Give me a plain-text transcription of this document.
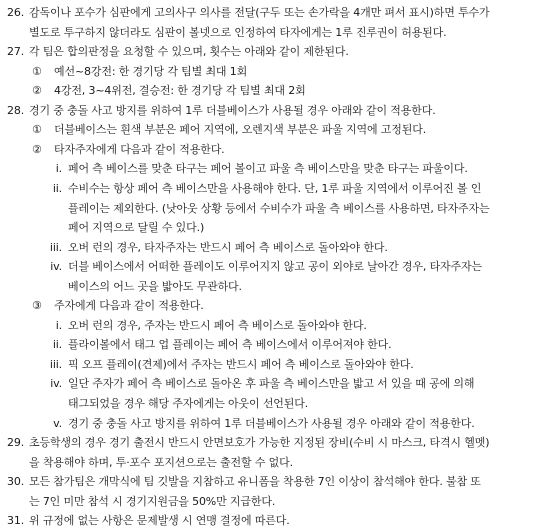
26. 감독이나 포수가 심판에게 고의사구 의사를 전달(구두 또는 손가락을 4개만 펴서 표시)하면 투수가
별도로 투구하지 않더라도 심판이 볼넷으로 인정하여 타자에게는 1루 진루권이 허용된다.
27. 각 팀은 합의판정을 요청할 수 있으며, 횟수는 아래와 같이 제한된다.
① 예선~8강전: 한 경기당 각 팀별 최대 1회
② 4강전, 3~4위전, 결승전: 한 경기당 각 팀별 최대 2회
28. 경기 중 충돌 사고 방지를 위하여 1루 더블베이스가 사용될 경우 아래와 같이 적용한다.
① 더블베이스는 흰색 부분은 페어 지역에, 오렌지색 부분은 파울 지역에 고정된다.
② 타자주자에게 다음과 같이 적용한다.
i. 페어 측 베이스를 맞춘 타구는 페어 볼이고 파울 측 베이스만을 맞춘 타구는 파울이다.
ii. 수비수는 항상 페어 측 베이스만을 사용해야 한다. 단, 1루 파울 지역에서 이루어진 볼 인
플레이는 제외한다. (낫아웃 상황 등에서 수비수가 파울 측 베이스를 사용하면, 타자주자는
페어 지역으로 달릴 수 있다.)
iii. 오버 런의 경우, 타자주자는 반드시 페어 측 베이스로 돌아와야 한다.
iv. 더블 베이스에서 어떠한 플레이도 이루어지지 않고 공이 외야로 날아간 경우, 타자주자는
베이스의 어느 곳을 밟아도 무관하다.
③ 주자에게 다음과 같이 적용한다.
i. 오버 런의 경우, 주자는 반드시 페어 측 베이스로 돌아와야 한다.
ii. 플라이볼에서 태그 업 플레이는 페어 측 베이스에서 이루어져야 한다.
iii. 픽 오프 플레이(견제)에서 주자는 반드시 페어 측 베이스로 돌아와야 한다.
iv. 일단 주자가 페어 측 베이스로 돌아온 후 파울 측 베이스만을 밟고 서 있을 때 공에 의해
태그되었을 경우 해당 주자에게는 아웃이 선언된다.
v. 경기 중 충돌 사고 방지를 위하여 1루 더블베이스가 사용될 경우 아래와 같이 적용한다.
29. 초등학생의 경우 경기 출전시 반드시 안면보호가 가능한 지정된 장비(수비 시 마스크, 타격시 헬멧)
을 착용해야 하며, 투·포수 포지션으로는 출전할 수 없다.
30. 모든 참가팀은 개막식에 팀 깃발을 지참하고 유니폼을 착용한 7인 이상이 참석해야 한다. 불참 또
는 7인 미만 참석 시 경기지원금을 50%만 지급한다.
31. 위 규정에 없는 사항은 문제발생 시 연맹 결정에 따른다.
